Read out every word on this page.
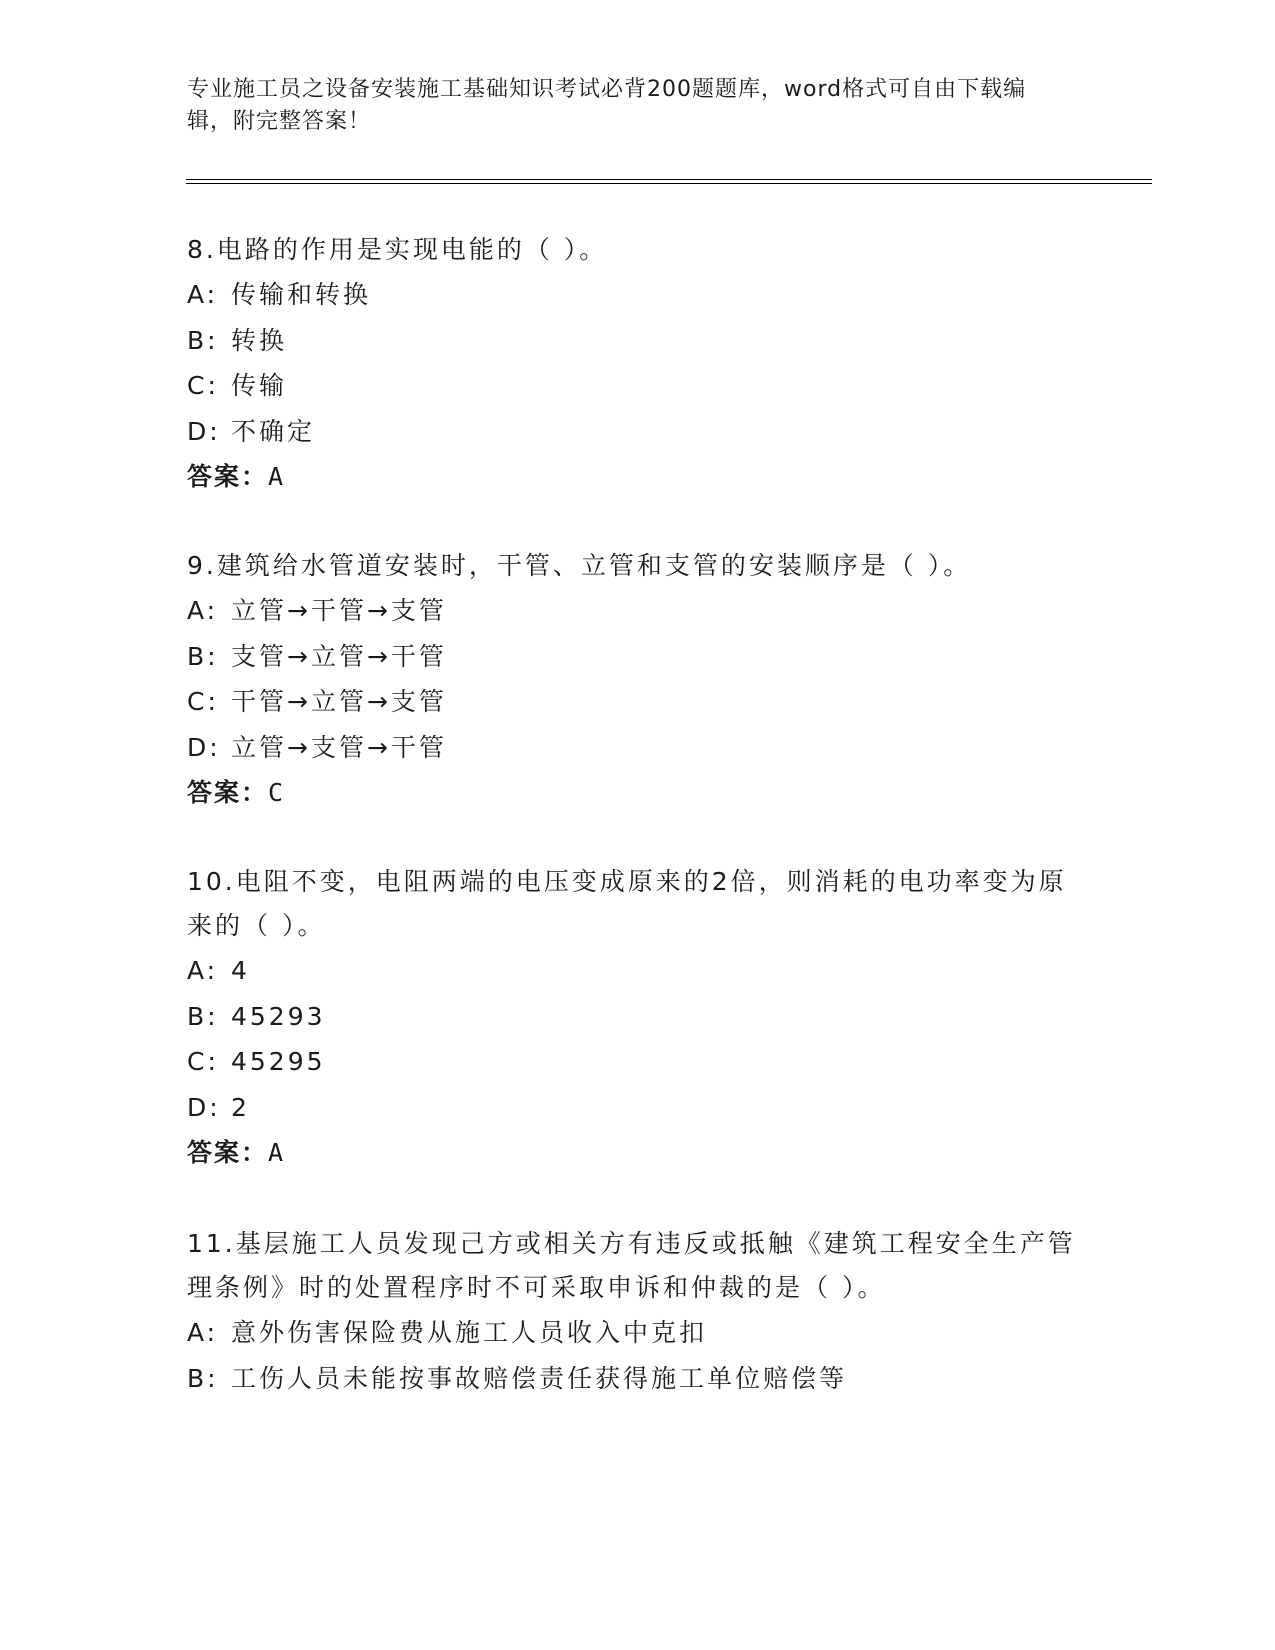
专业施工员之设备安装施工基础知识考试必背200题题库，word格式可自由下载编辑，附完整答案！
8.电路的作用是实现电能的（ ）。
A: 传输和转换
B: 转换
C: 传输
D: 不确定
答案：A
9.建筑给水管道安装时，干管、立管和支管的安装顺序是（ ）。
A: 立管→干管→支管
B: 支管→立管→干管
C: 干管→立管→支管
D: 立管→支管→干管
答案：C
10.电阻不变，电阻两端的电压变成原来的2倍，则消耗的电功率变为原来的（ ）。
A: 4
B: 45293
C: 45295
D: 2
答案：A
11.基层施工人员发现己方或相关方有违反或抵触《建筑工程安全生产管理条例》时的处置程序时不可采取申诉和仲裁的是（ ）。
A: 意外伤害保险费从施工人员收入中克扣
B: 工伤人员未能按事故赔偿责任获得施工单位赔偿等
